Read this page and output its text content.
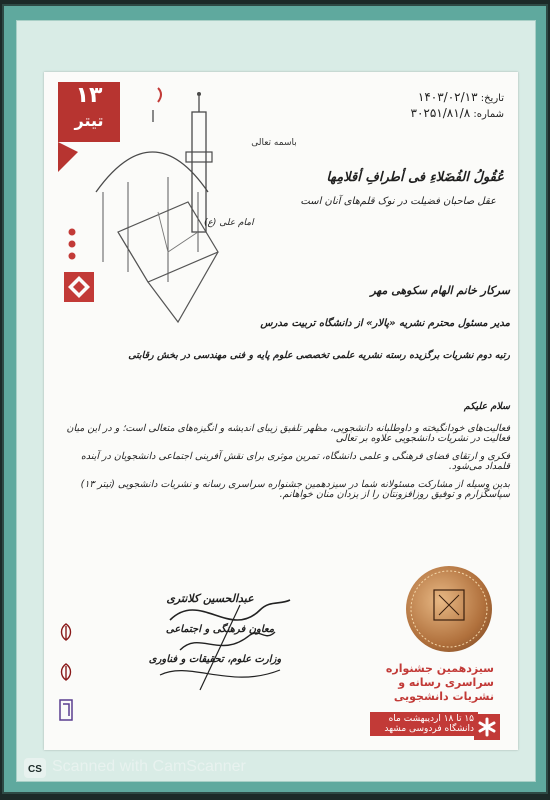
تاریخ: ۱۴۰۳/۰۲/۱۳
شماره: ۳۰۲۵۱/۸۱/۸
۱۳
تیتر
باسمه تعالی
عُقُولُ الفُضَلاءِ فی أطرافِ أقلامِها
عقل صاحبان فضیلت در نوک قلم‌های آنان است
امام علی (ع)
سرکار خانم الهام سکوهی مهر
مدیر مسئول محترم نشریه «پالار» از دانشگاه تربیت مدرس
رتبه دوم نشریات برگزیده رسته نشریه علمی تخصصی علوم پایه و فنی مهندسی در بخش رقابتی
سلام علیکم
فعالیت‌های خودانگیخته و داوطلبانه دانشجویی، مظهر تلفیق زیبای اندیشه و انگیزه‌های متعالی است؛ و در این میان فعالیت در نشریات دانشجویی علاوه بر تعالی
فکری و ارتقای فضای فرهنگی و علمی دانشگاه، تمرین موثری برای نقش آفرینی اجتماعی دانشجویان در آینده قلمداد می‌شود.
بدین وسیله از مشارکت مسئولانه شما در سیزدهمین جشنواره سراسری رسانه و نشریات دانشجویی (تیتر ۱۳) سپاسگزارم و توفیق روزافزونتان را از یزدان منان خواهانم.
عبدالحسین کلانتری
معاون فرهنگی و اجتماعی
وزارت علوم، تحقیقات و فناوری
سیزدهمین جشنواره
سراسری رسانه و
نشریات دانشجویی
۱۵ تا ۱۸ اردیبهشت ماه
دانشگاه فردوسی مشهد
CS Scanned with CamScanner
